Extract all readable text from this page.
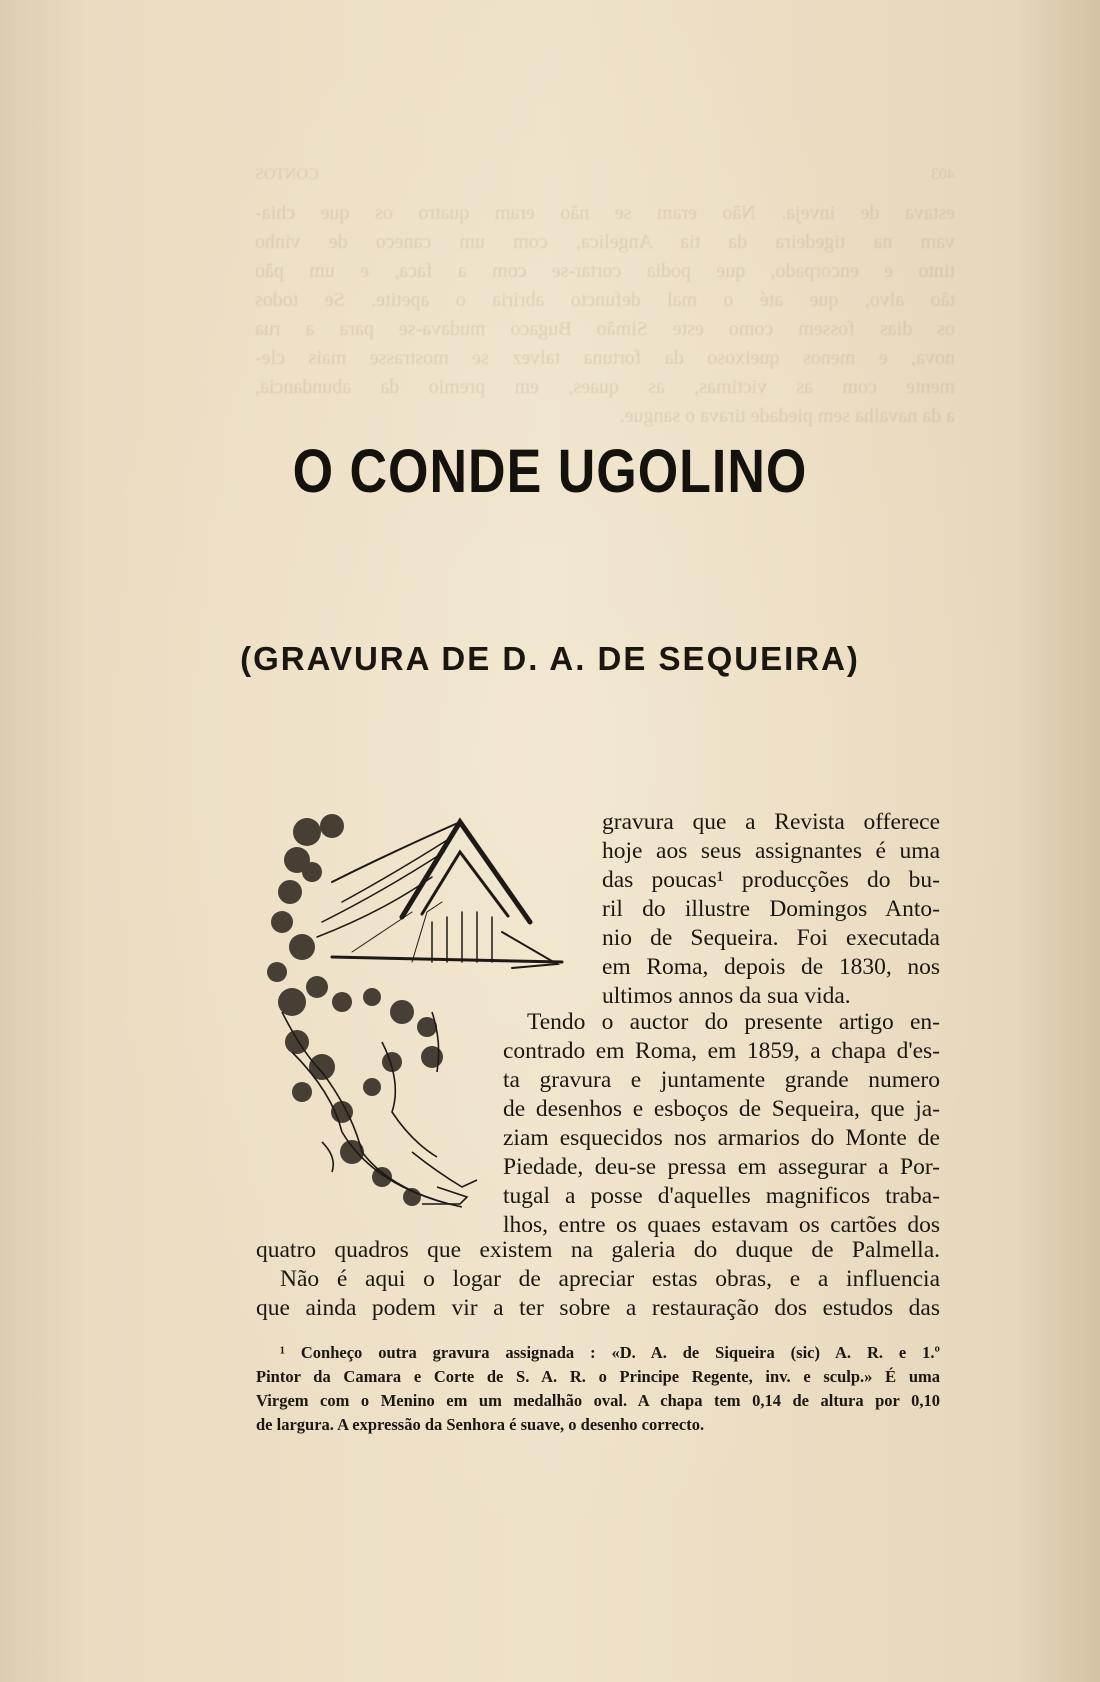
403
CONTOS

estava de inveja. Não eram se não eram quatro os que chia-
vam na tigedeira da tia Angelica, com um caneco de vinho
tinto e encorpado, que podia cortar-se com a faca, e um pão
tão alvo, que até o mal defuncto abriria o apetite. Se todos
os dias fossem como este Simão Bugaco mudava-se para a rua
nova, e menos queixoso da fortuna talvez se mostrasse mais cle-
mente com as victimas, as quaes, em premio da abundancia,
a da navalha sem piedade tirava o sangue.

O CONDE UGOLINO
(GRAVURA DE D. A. DE SEQUEIRA)

gravura que a Revista offerece
hoje aos seus assignantes é uma
das poucas¹ producções do bu-
ril do illustre Domingos Anto-
nio de Sequeira. Foi executada
em Roma, depois de 1830, nos
ultimos annos da sua vida.

Tendo o auctor do presente artigo en-
contrado em Roma, em 1859, a chapa d'es-
ta gravura e juntamente grande numero
de desenhos e esboços de Sequeira, que ja-
ziam esquecidos nos armarios do Monte de
Piedade, deu-se pressa em assegurar a Por-
tugal a posse d'aquelles magnificos traba-
lhos, entre os quaes estavam os cartões dos

quatro quadros que existem na galeria do duque de Palmella.
Não é aqui o logar de apreciar estas obras, e a influencia
que ainda podem vir a ter sobre a restauração dos estudos das

¹ Conheço outra gravura assignada : «D. A. de Siqueira (sic) A. R. e 1.º
Pintor da Camara e Corte de S. A. R. o Principe Regente, inv. e sculp.» É uma
Virgem com o Menino em um medalhão oval. A chapa tem 0,14 de altura por 0,10
de largura. A expressão da Senhora é suave, o desenho correcto.
